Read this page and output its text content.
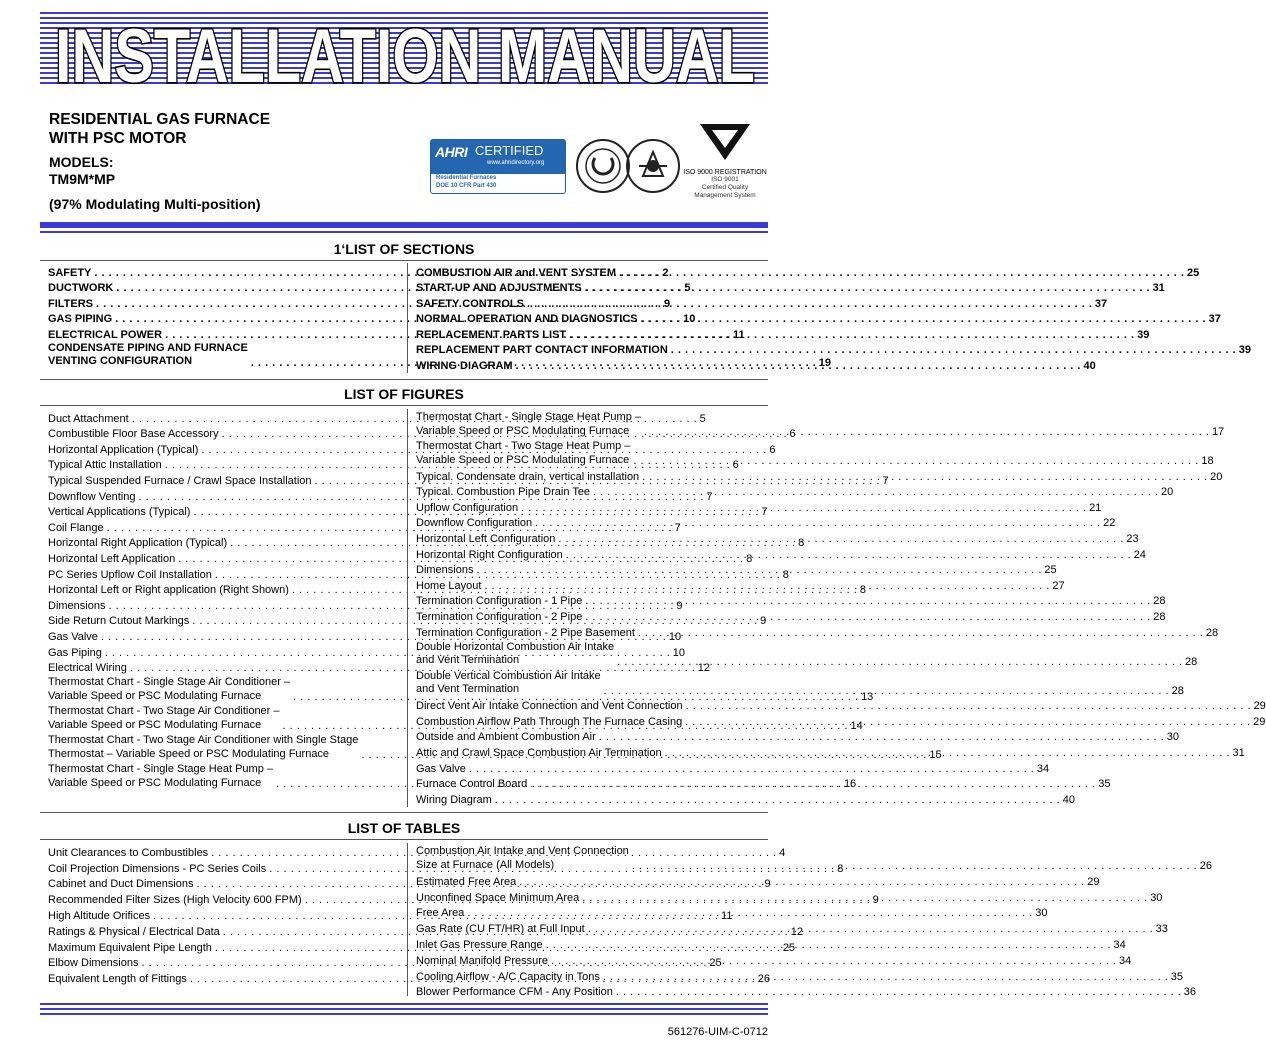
INSTALLATION MANUAL
RESIDENTIAL GAS FURNACE
WITH PSC MOTOR
MODELS:
TM9M*MP
(97% Modulating Multi-position)
AHRI CERTIFIED
www.ahridirectory.org
Residential Furnaces
DOE 10 CFR Part 430
ISO 9000 REGISTRATION
ISO 9001
Certified Quality
Management System
1‘LIST OF SECTIONS
SAFETY . . .	2
DUCTWORK . . .	5
FILTERS . . .	9
GAS PIPING . . .	10
ELECTRICAL POWER . . .	11
CONDENSATE PIPING AND FURNACE
VENTING CONFIGURATION . . .	19
COMBUSTION AIR and VENT SYSTEM . . .	25
START-UP AND ADJUSTMENTS . . .	31
SAFETY CONTROLS . . .	37
NORMAL OPERATION AND DIAGNOSTICS . . .	37
REPLACEMENT PARTS LIST . . .	39
REPLACEMENT PART CONTACT INFORMATION . . .	39
WIRING DIAGRAM . . .	40
LIST OF FIGURES
Duct Attachment . . .	5
Combustible Floor Base Accessory . . .	6
Horizontal Application (Typical) . . .	6
Typical Attic Installation . . .	6
Typical Suspended Furnace / Crawl Space Installation . . .	7
Downflow Venting . . .	7
Vertical Applications (Typical) . . .	7
Coil Flange . . .	7
Horizontal Right Application (Typical) . . .	8
Horizontal Left Application . . .	8
PC Series Upflow Coil Installation . . .	8
Horizontal Left or Right application (Right Shown) . . .	8
Dimensions . . .	9
Side Return Cutout Markings . . .	9
Gas Valve . . .	10
Gas Piping . . .	10
Electrical Wiring . . .	12
Thermostat Chart - Single Stage Air Conditioner –
Variable Speed or PSC Modulating Furnace . . .	13
Thermostat Chart - Two Stage Air Conditioner –
Variable Speed or PSC Modulating Furnace . . .	14
Thermostat Chart - Two Stage Air Conditioner with Single Stage
Thermostat – Variable Speed or PSC Modulating Furnace . . .	15
Thermostat Chart - Single Stage Heat Pump –
Variable Speed or PSC Modulating Furnace . . .	16
Thermostat Chart - Single Stage Heat Pump –
Variable Speed or PSC Modulating Furnace . . .	17
Thermostat Chart - Two Stage Heat Pump –
Variable Speed or PSC Modulating Furnace . . .	18
Typical. Condensate drain, vertical installation . . .	20
Typical. Combustion Pipe Drain Tee . . .	20
Upflow Configuration . . .	21
Downflow Configuration . . .	22
Horizontal Left Configuration . . .	23
Horizontal Right Configuration . . .	24
Dimensions . . .	25
Home Layout . . .	27
Termination Configuration - 1 Pipe . . .	28
Termination Configuration - 2 Pipe . . .	28
Termination Configuration - 2 Pipe Basement . . .	28
Double Horizontal Combustion Air Intake
and Vent Termination . . .	28
Double Vertical Combustion Air Intake
and Vent Termination . . .	28
Direct Vent Air Intake Connection and Vent Connection . . .	29
Combustion Airflow Path Through The Furnace Casing . . .	29
Outside and Ambient Combustion Air . . .	30
Attic and Crawl Space Combustion Air Termination . . .	31
Gas Valve . . .	34
Furnace Control Board . . .	35
Wiring Diagram . . .	40
LIST OF TABLES
Unit Clearances to Combustibles . . .	4
Coil Projection Dimensions - PC Series Coils . . .	8
Cabinet and Duct Dimensions . . .	9
Recommended Filter Sizes (High Velocity 600 FPM) . . .	9
High Altitude Orifices . . .	11
Ratings & Physical / Electrical Data . . .	12
Maximum Equivalent Pipe Length . . .	25
Elbow Dimensions . . .	25
Equivalent Length of Fittings . . .	26
Combustion Air Intake and Vent Connection
Size at Furnace (All Models) . . .	26
Estimated Free Area . . .	29
Unconfined Space Minimum Area . . .	30
Free Area . . .	30
Gas Rate (CU FT/HR) at Full Input . . .	33
Inlet Gas Pressure Range . . .	34
Nominal Manifold Pressure . . .	34
Cooling Airflow - A/C Capacity in Tons . . .	35
Blower Performance CFM - Any Position . . .	36
561276-UIM-C-0712
